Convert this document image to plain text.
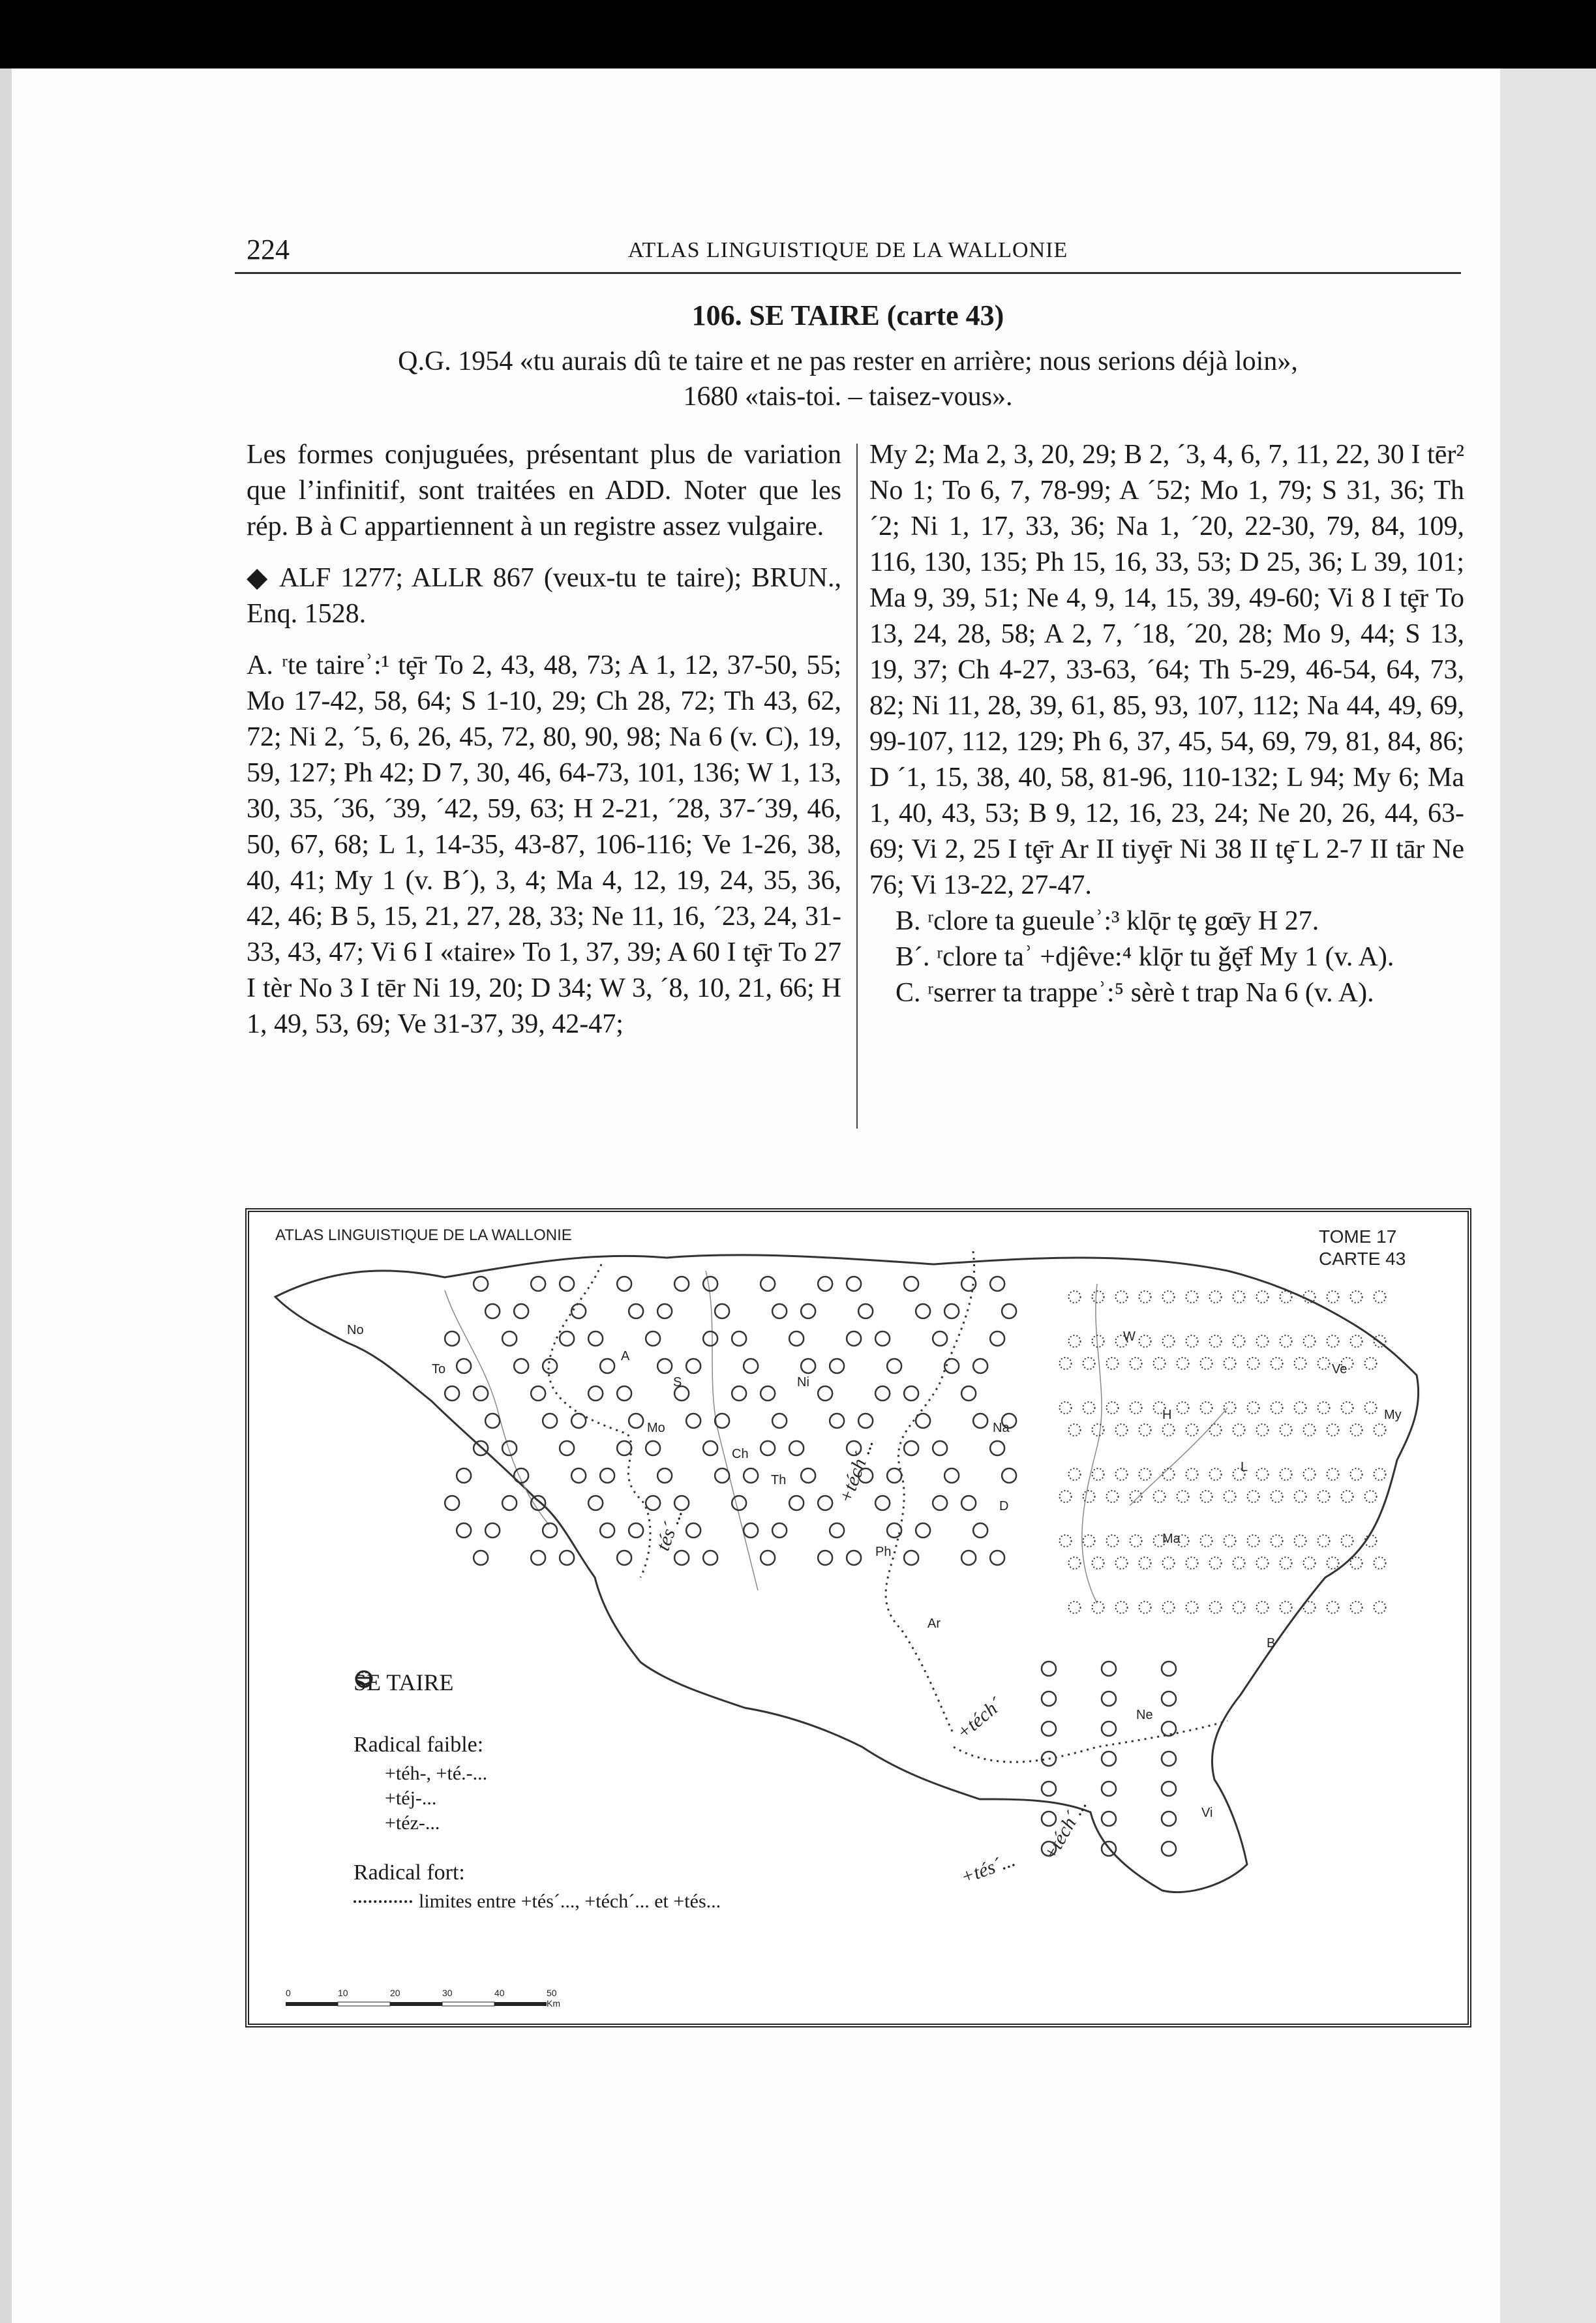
224	ATLAS LINGUISTIQUE DE LA WALLONIE
106. SE TAIRE (carte 43)
Q.G. 1954 «tu aurais dû te taire et ne pas rester en arrière; nous serions déjà loin»,
1680 «tais-toi. – taisez-vous».

Les formes conjuguées, présentant plus de variation que l’infinitif, sont traitées en ADD. Noter que les rép. B à C appartiennent à un registre assez vulgaire.

◆ ALF 1277; ALLR 867 (veux-tu te taire); BRUN., Enq. 1528.

A. ʳte taireʾ:¹ tȩ̄r To 2, 43, 48, 73; A 1, 12, 37-50, 55; Mo 17-42, 58, 64; S 1-10, 29; Ch 28, 72; Th 43, 62, 72; Ni 2, ´5, 6, 26, 45, 72, 80, 90, 98; Na 6 (v. C), 19, 59, 127; Ph 42; D 7, 30, 46, 64-73, 101, 136; W 1, 13, 30, 35, ´36, ´39, ´42, 59, 63; H 2-21, ´28, 37-´39, 46, 50, 67, 68; L 1, 14-35, 43-87, 106-116; Ve 1-26, 38, 40, 41; My 1 (v. B´), 3, 4; Ma 4, 12, 19, 24, 35, 36, 42, 46; B 5, 15, 21, 27, 28, 33; Ne 11, 16, ´23, 24, 31-33, 43, 47; Vi 6 I «taire» To 1, 37, 39; A 60 I tȩ̄r To 27 I tèr No 3 I tēr Ni 19, 20; D 34; W 3, ´8, 10, 21, 66; H 1, 49, 53, 69; Ve 31-37, 39, 42-47;

My 2; Ma 2, 3, 20, 29; B 2, ´3, 4, 6, 7, 11, 22, 30 I tēr² No 1; To 6, 7, 78-99; A ´52; Mo 1, 79; S 31, 36; Th ´2; Ni 1, 17, 33, 36; Na 1, ´20, 22-30, 79, 84, 109, 116, 130, 135; Ph 15, 16, 33, 53; D 25, 36; L 39, 101; Ma 9, 39, 51; Ne 4, 9, 14, 15, 39, 49-60; Vi 8 I tȩ̄r To 13, 24, 28, 58; A 2, 7, ´18, ´20, 28; Mo 9, 44; S 13, 19, 37; Ch 4-27, 33-63, ´64; Th 5-29, 46-54, 64, 73, 82; Ni 11, 28, 39, 61, 85, 93, 107, 112; Na 44, 49, 69, 99-107, 112, 129; Ph 6, 37, 45, 54, 69, 79, 81, 84, 86; D ´1, 15, 38, 40, 58, 81-96, 110-132; L 94; My 6; Ma 1, 40, 43, 53; B 9, 12, 16, 23, 24; Ne 20, 26, 44, 63-69; Vi 2, 25 I tȩ̄r Ar II tiyȩ̄r Ni 38 II tȩ̄ L 2-7 II tār Ne 76; Vi 13-22, 27-47.

B. ʳclore ta gueuleʾ:³ klǭr tȩ gœ̄y H 27.

B´. ʳclore taʾ +djêve:⁴ klǭr tu ǧȩ̄f My 1 (v. A).

C. ʳserrer ta trappeʾ:⁵ sèrè t trap Na 6 (v. A).

ATLAS LINGUISTIQUE DE LA WALLONIE	TOME 17
CARTE 43
No
To
A
S
Mo
Ni
Ch
Th
Na
W
H
Ve
L
My
D
Ph
Ma
Ar
B
Ne
Vi
+téch´...
tés´...
+téch´
+tés´...
+téch´...
SE TAIRE
Radical faible:
+téh-, +té.-...
+téj-...
+téz-...
Radical fort:
limites entre +tés´..., +téch´... et +tés...
0	10	20	30	40	50 Km
